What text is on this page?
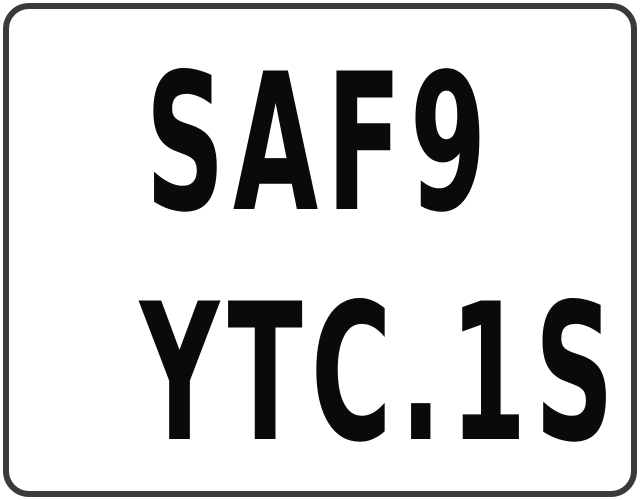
SAF9
YTC.1S
